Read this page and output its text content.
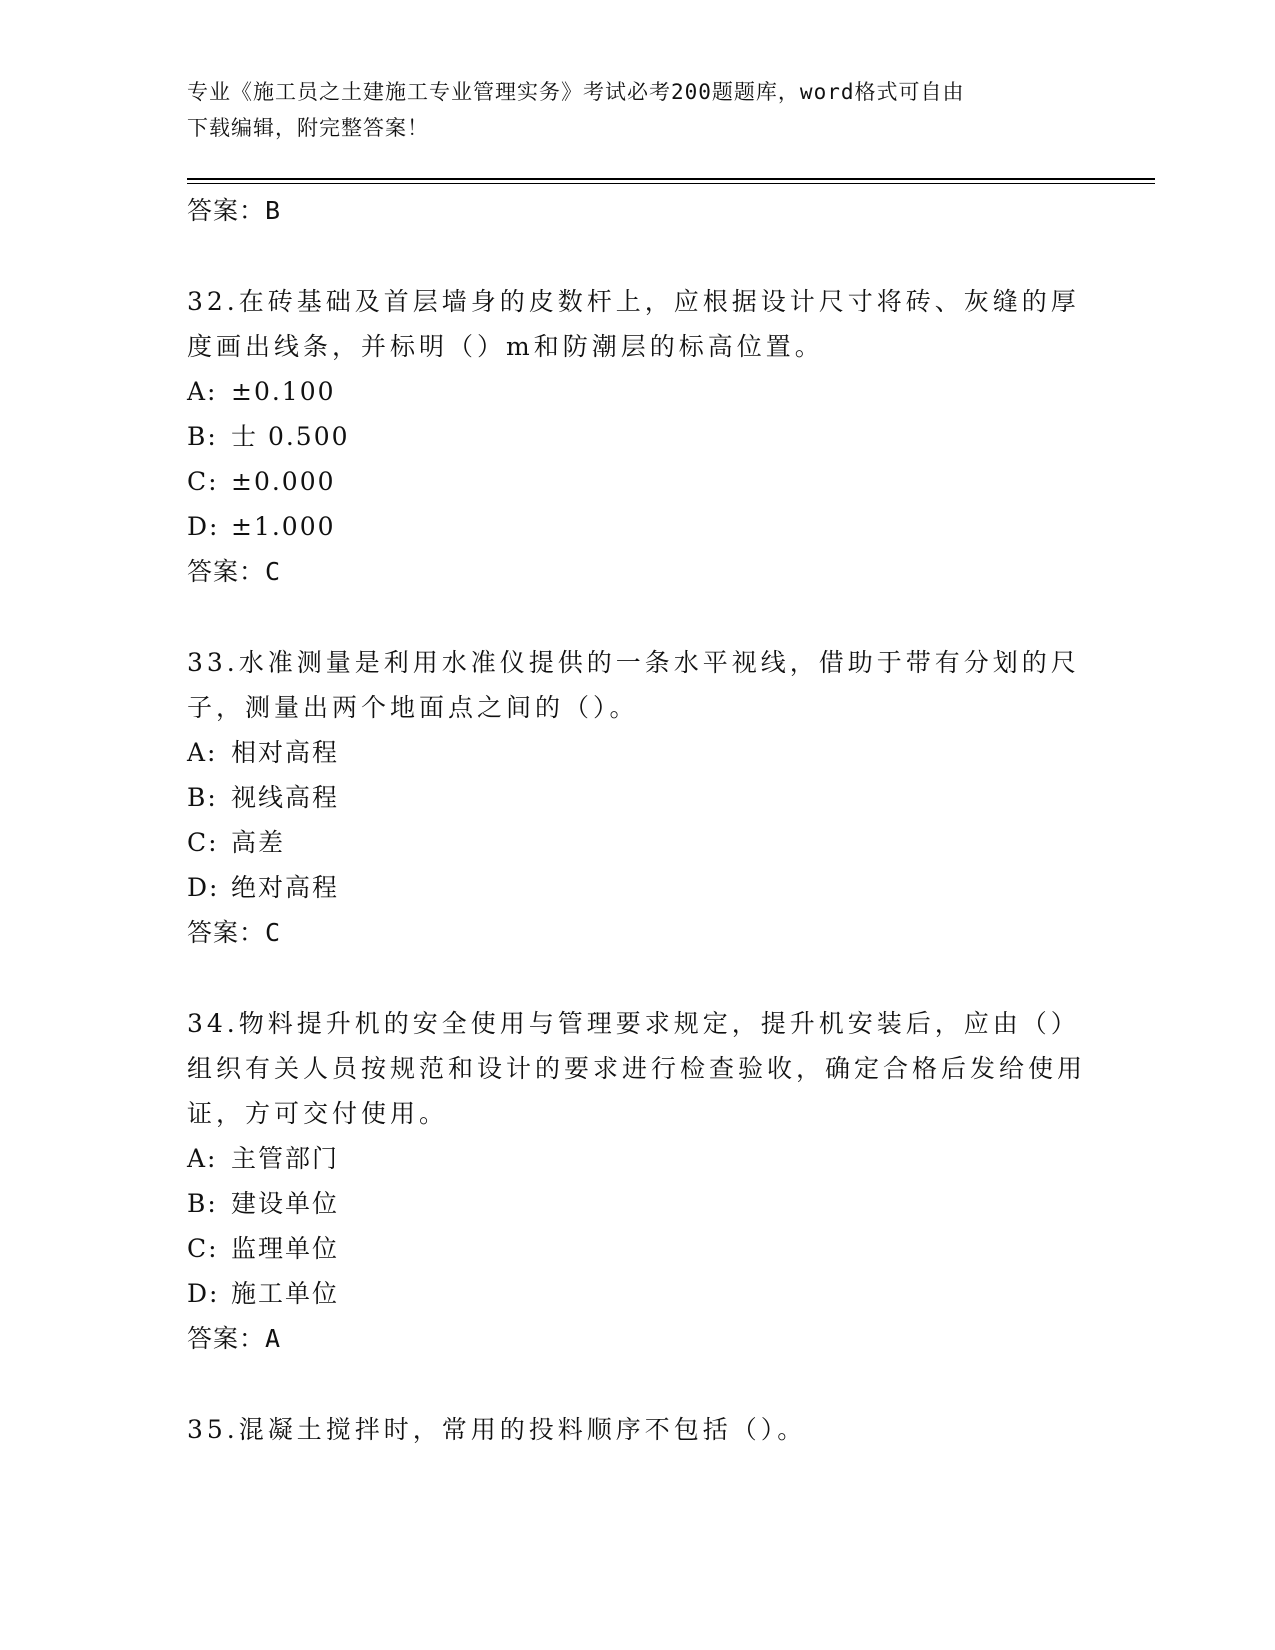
专业《施工员之土建施工专业管理实务》考试必考200题题库，word格式可自由
下载编辑，附完整答案！
答案：B
32.在砖基础及首层墙身的皮数杆上，应根据设计尺寸将砖、灰缝的厚度画出线条，并标明（）m和防潮层的标高位置。
A: ±0.100
B: 士 0.500
C: ±0.000
D: ±1.000
答案：C
33.水准测量是利用水准仪提供的一条水平视线，借助于带有分划的尺子，测量出两个地面点之间的（）。
A: 相对高程
B: 视线高程
C: 高差
D: 绝对高程
答案：C
34.物料提升机的安全使用与管理要求规定，提升机安装后，应由（）组织有关人员按规范和设计的要求进行检查验收，确定合格后发给使用证，方可交付使用。
A: 主管部门
B: 建设单位
C: 监理单位
D: 施工单位
答案：A
35.混凝土搅拌时，常用的投料顺序不包括（）。
